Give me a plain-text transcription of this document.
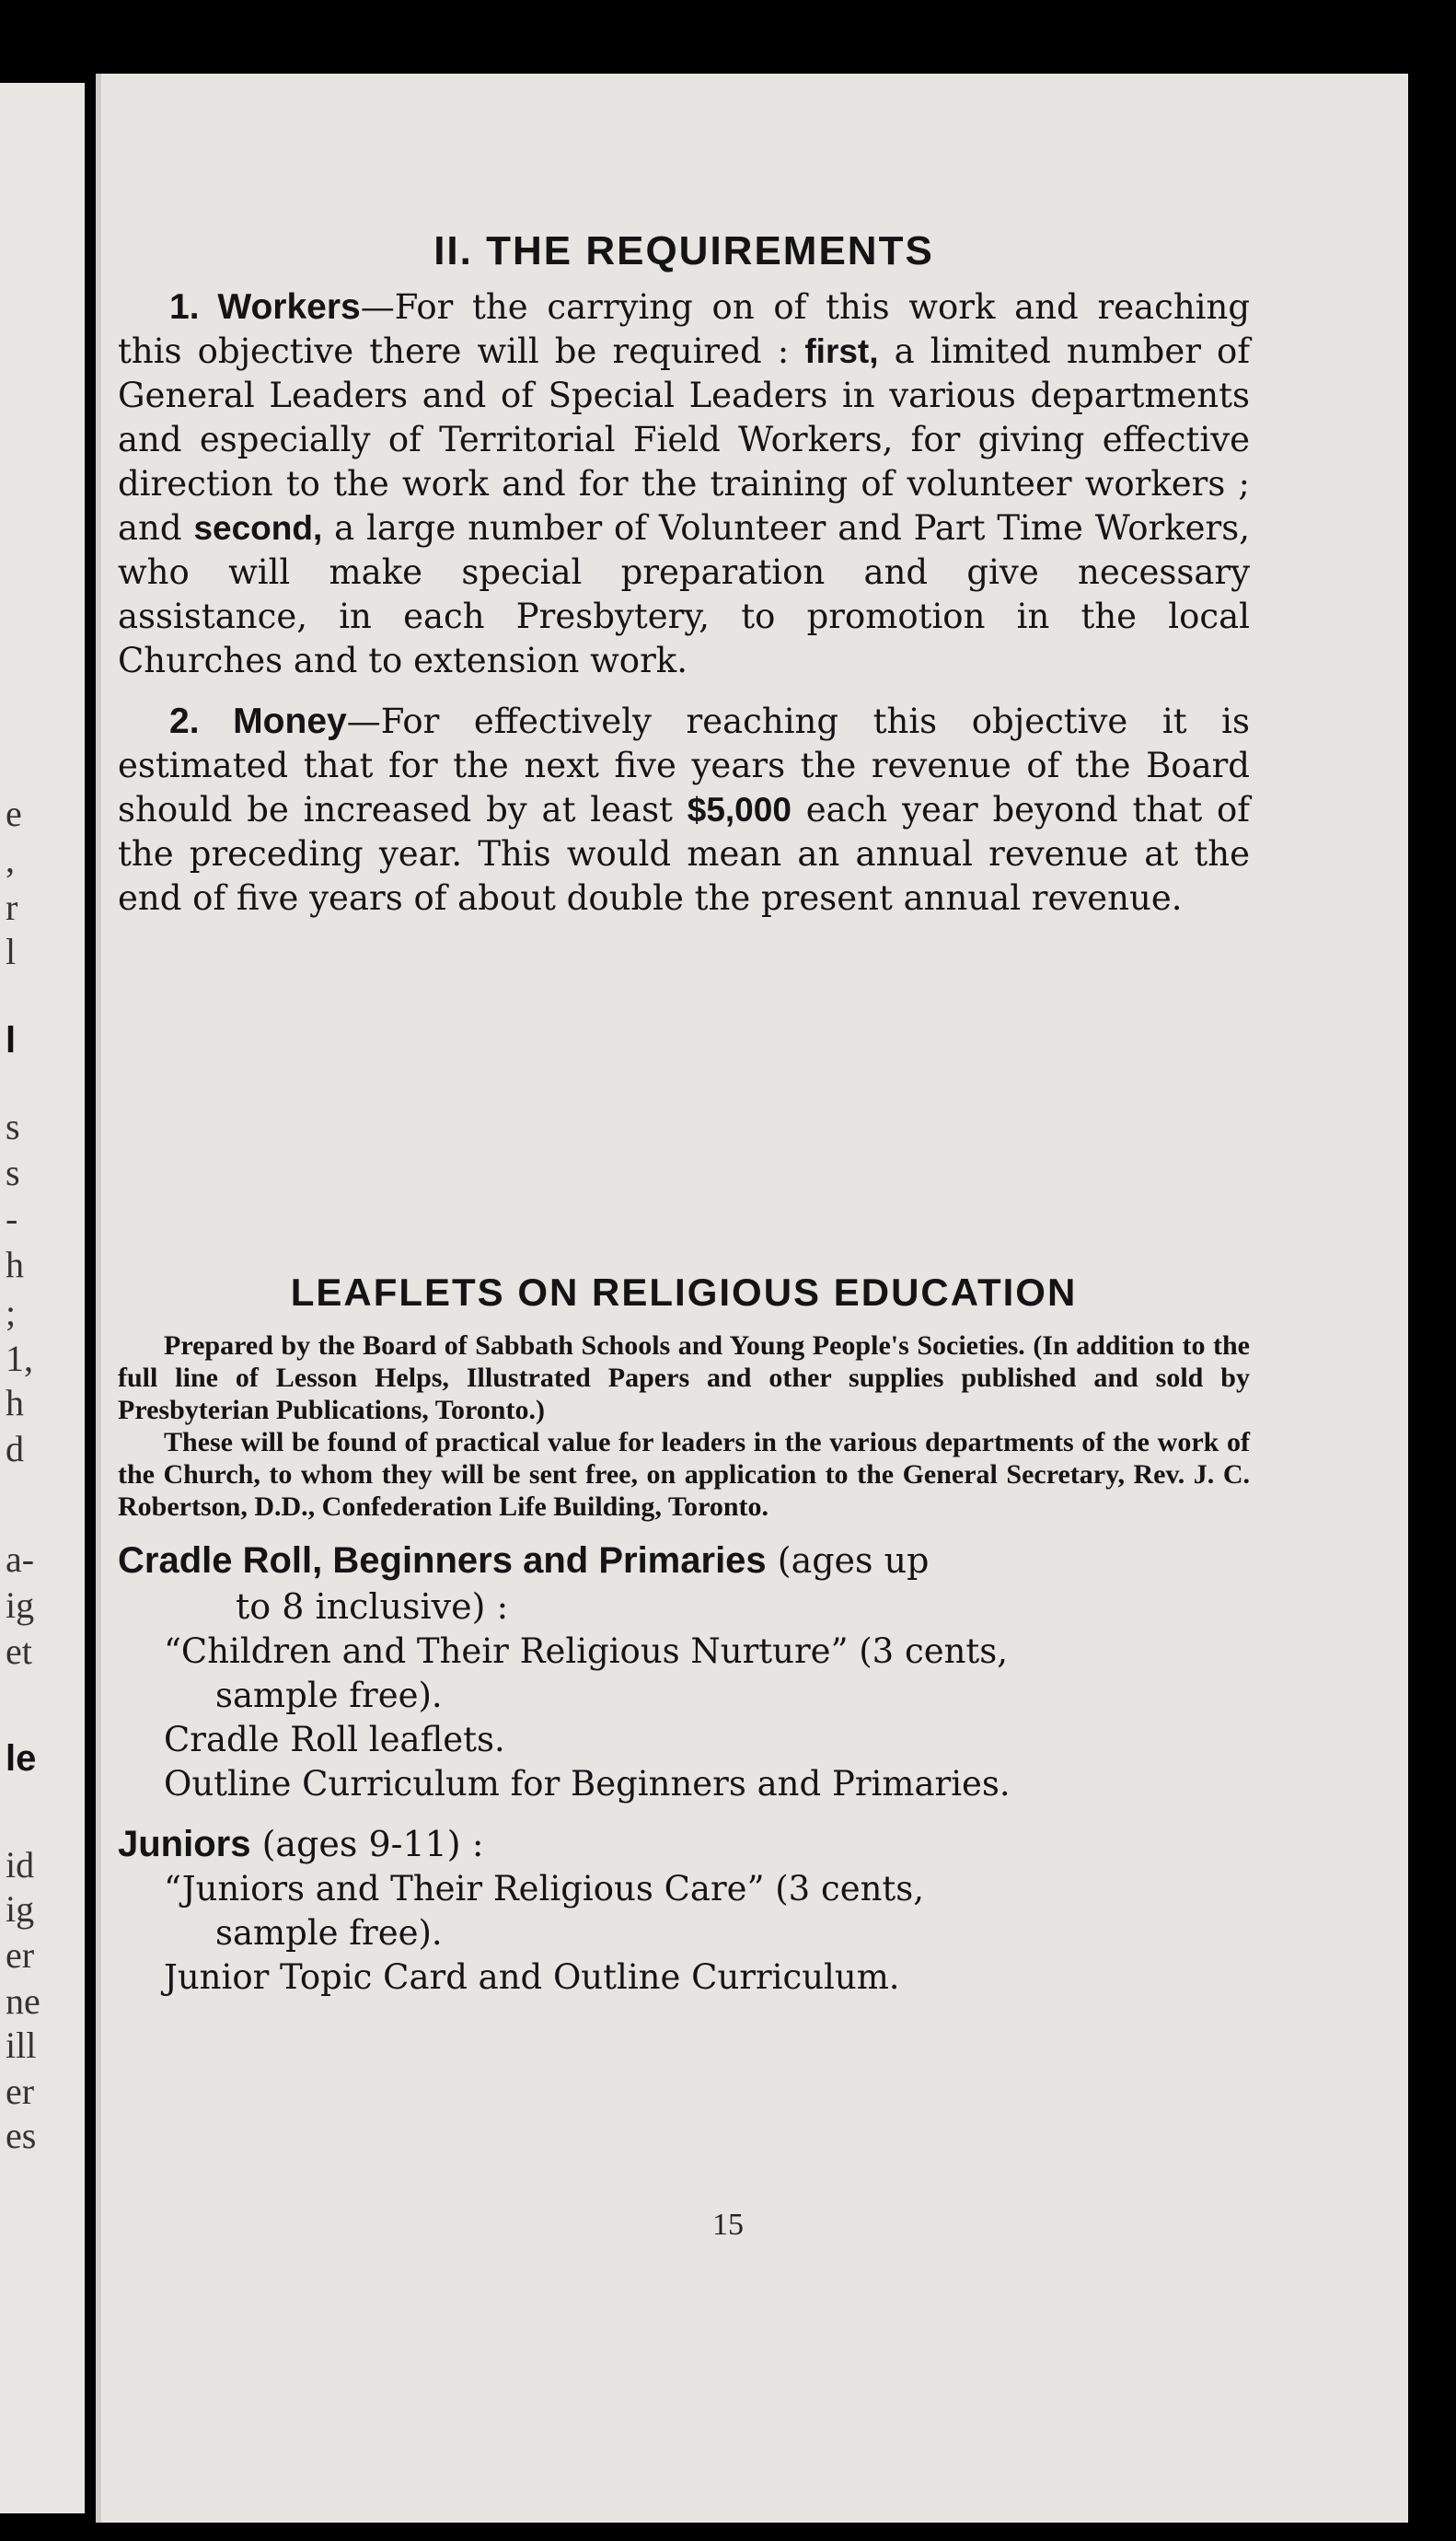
e
,
r
l
l
s
s
-
h
;
1,
h
d
a-
ig
et
le
id
ig
er
ne
ill
er
es
II. THE REQUIREMENTS

1. Workers—For the carrying on of this work and reaching this objective there will be required : first, a limited number of General Leaders and of Special Leaders in various departments and especially of Territorial Field Workers, for giving effective direction to the work and for the training of volunteer workers ; and second, a large number of Volunteer and Part Time Workers, who will make special preparation and give necessary assistance, in each Presbytery, to promotion in the local Churches and to extension work.

2. Money—For effectively reaching this objective it is estimated that for the next five years the revenue of the Board should be increased by at least $5,000 each year beyond that of the preceding year. This would mean an annual revenue at the end of five years of about double the present annual revenue.

LEAFLETS ON RELIGIOUS EDUCATION

Prepared by the Board of Sabbath Schools and Young People's Societies. (In addition to the full line of Lesson Helps, Illustrated Papers and other supplies published and sold by Presbyterian Publications, Toronto.)

These will be found of practical value for leaders in the various departments of the work of the Church, to whom they will be sent free, on application to the General Secretary, Rev. J. C. Robertson, D.D., Confederation Life Building, Toronto.

Cradle Roll, Beginners and Primaries (ages up
to 8 inclusive) :
“Children and Their Religious Nurture” (3 cents,
sample free).
Cradle Roll leaflets.
Outline Curriculum for Beginners and Primaries.
Juniors (ages 9-11) :
“Juniors and Their Religious Care” (3 cents,
sample free).
Junior Topic Card and Outline Curriculum.
15
